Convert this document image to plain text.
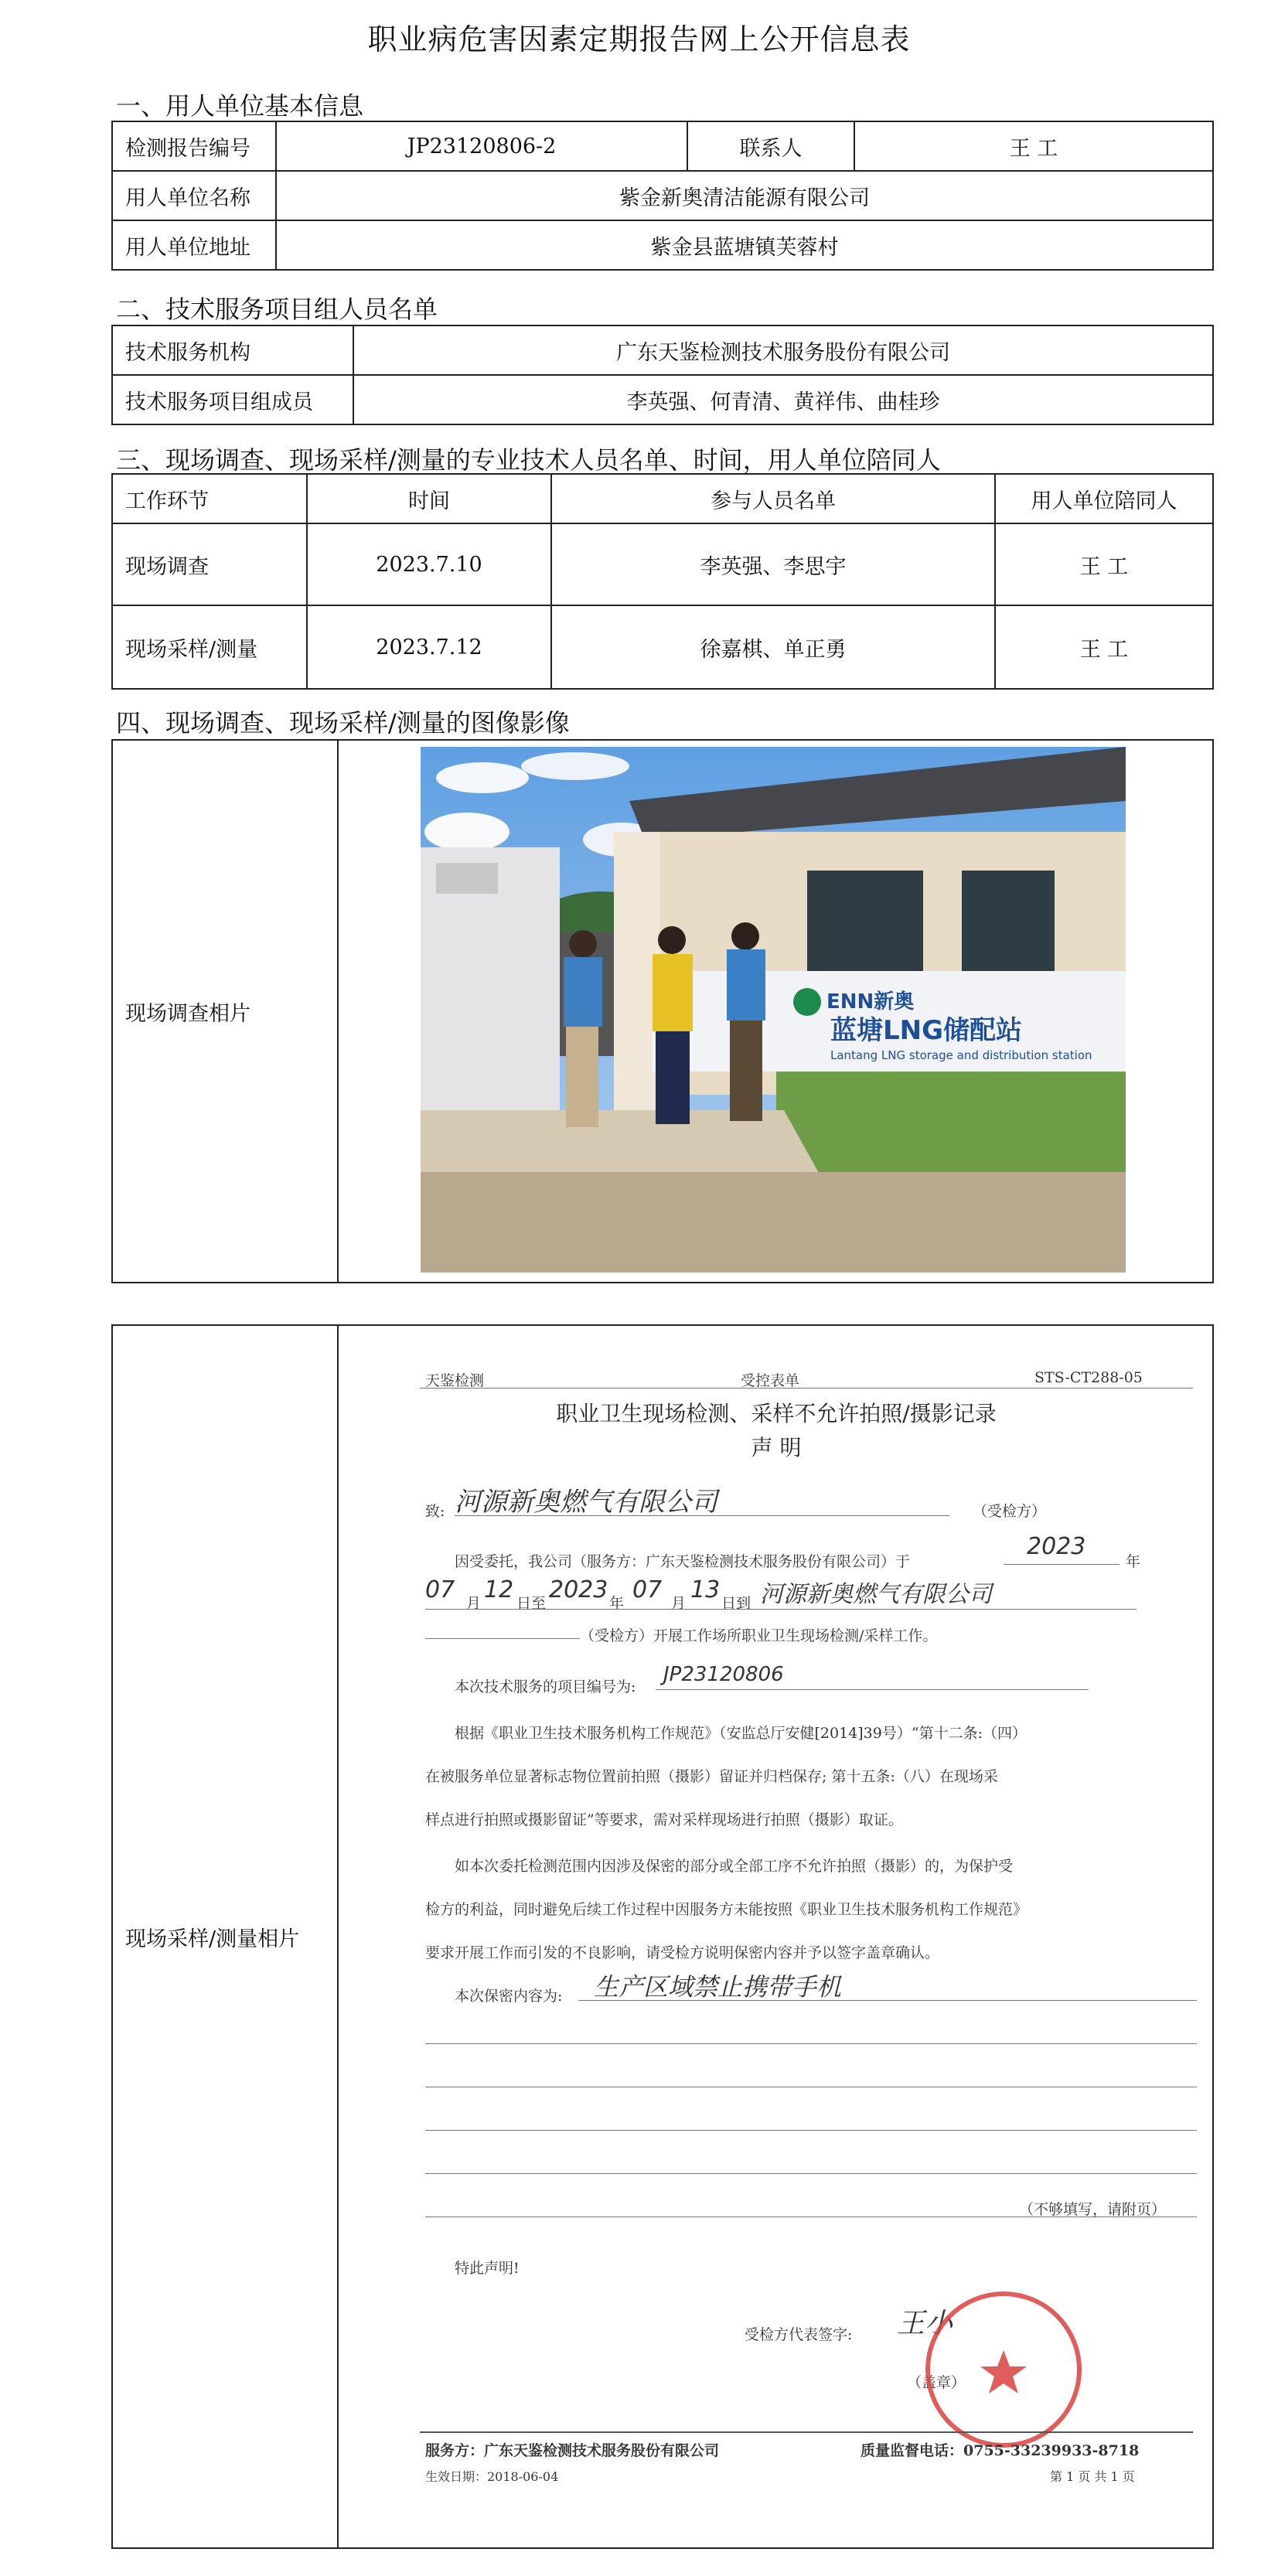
职业病危害因素定期报告网上公开信息表
一、用人单位基本信息
检测报告编号	JP23120806-2	联系人	王 工
用人单位名称	紫金新奥清洁能源有限公司		
用人单位地址	紫金县蓝塘镇芙蓉村		
二、技术服务项目组人员名单
技术服务机构	广东天鉴检测技术服务股份有限公司
技术服务项目组成员	李英强、何青清、黄祥伟、曲桂珍
三、现场调查、现场采样/测量的专业技术人员名单、时间，用人单位陪同人
工作环节	时间	参与人员名单	用人单位陪同人
现场调查	2023.7.10	李英强、李思宇	王 工
现场采样/测量	2023.7.12	徐嘉棋、单正勇	王 工
四、现场调查、现场采样/测量的图像影像
现场调查相片	ENN新奥
蓝塘LNG储配站
Lantang LNG storage and distribution station
现场采样/测量相片	
天鉴检测	受控表单	STS-CT288-05
职业卫生现场检测、采样不允许拍照/摄影记录
声 明
致: 河源新奥燃气有限公司	（受检方）
因受委托，我公司（服务方：广东天鉴检测技术服务股份有限公司）于
2023
年
07 月 12 日至 2023 年 07 月 13 日到 河源新奥燃气有限公司
（受检方）开展工作场所职业卫生现场检测/采样工作。
本次技术服务的项目编号为:
JP23120806
根据《职业卫生技术服务机构工作规范》（安监总厅安健[2014]39号）“第十二条:（四）
在被服务单位显著标志物位置前拍照（摄影）留证并归档保存; 第十五条:（八）在现场采
样点进行拍照或摄影留证”等要求，需对采样现场进行拍照（摄影）取证。
如本次委托检测范围内因涉及保密的部分或全部工序不允许拍照（摄影）的，为保护受
检方的利益，同时避免后续工作过程中因服务方未能按照《职业卫生技术服务机构工作规范》
要求开展工作而引发的不良影响，请受检方说明保密内容并予以签字盖章确认。
本次保密内容为: 生产区域禁止携带手机
（不够填写，请附页）
特此声明!
受检方代表签字: 王小
（盖章）
服务方：广东天鉴检测技术服务股份有限公司	质量监督电话：0755-33239933-8718
生效日期：2018-06-04	第 1 页 共 1 页
